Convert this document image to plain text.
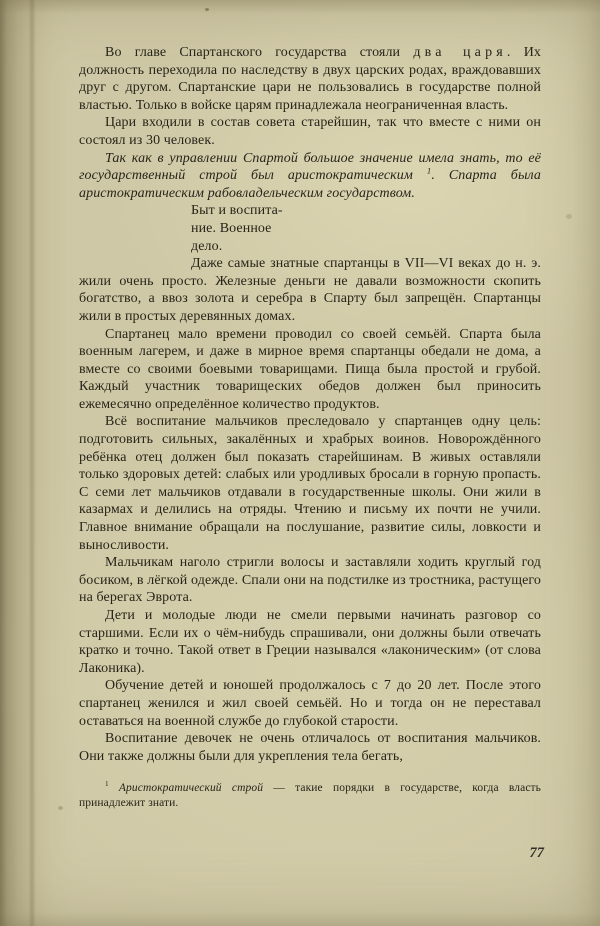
Во главе Спартанского государства стояли два царя. Их должность переходила по наследству в двух царских родах, враждовавших друг с другом. Спартанские цари не пользовались в государстве полной властью. Только в войске царям принадлежала неограниченная власть.

Цари входили в состав совета старейшин, так что вместе с ними он состоял из 30 человек.

Так как в управлении Спартой большое значение имела знать, то её государственный строй был аристократическим $^1$. Спарта была аристократическим рабовладельческим государством.

Быт и воспита-
ние. Военное
дело.
Даже самые знатные спартанцы в VII—VI веках до н. э. жили очень просто. Железные деньги не давали возможности скопить богатство, а ввоз золота и серебра в Спарту был запрещён. Спартанцы жили в простых деревянных домах.

Спартанец мало времени проводил со своей семьёй. Спарта была военным лагерем, и даже в мирное время спартанцы обедали не дома, а вместе со своими боевыми товарищами. Пища была простой и грубой. Каждый участник товарищеских обедов должен был приносить ежемесячно определённое количество продуктов.

Всё воспитание мальчиков преследовало у спартанцев одну цель: подготовить сильных, закалённых и храбрых воинов. Новорождённого ребёнка отец должен был показать старейшинам. В живых оставляли только здоровых детей: слабых или уродливых бросали в горную пропасть. С семи лет мальчиков отдавали в государственные школы. Они жили в казармах и делились на отряды. Чтению и письму их почти не учили. Главное внимание обращали на послушание, развитие силы, ловкости и выносливости.

Мальчикам наголо стригли волосы и заставляли ходить круглый год босиком, в лёгкой одежде. Спали они на подстилке из тростника, растущего на берегах Эврота.

Дети и молодые люди не смели первыми начинать разговор со старшими. Если их о чём-нибудь спрашивали, они должны были отвечать кратко и точно. Такой ответ в Греции назывался «лаконическим» (от слова Лаконика).

Обучение детей и юношей продолжалось с 7 до 20 лет. После этого спартанец женился и жил своей семьёй. Но и тогда он не переставал оставаться на военной службе до глубокой старости.

Воспитание девочек не очень отличалось от воспитания мальчиков. Они также должны были для укрепления тела бегать,

$^1$ Аристократический строй — такие порядки в государстве, когда власть принадлежит знати.
77
